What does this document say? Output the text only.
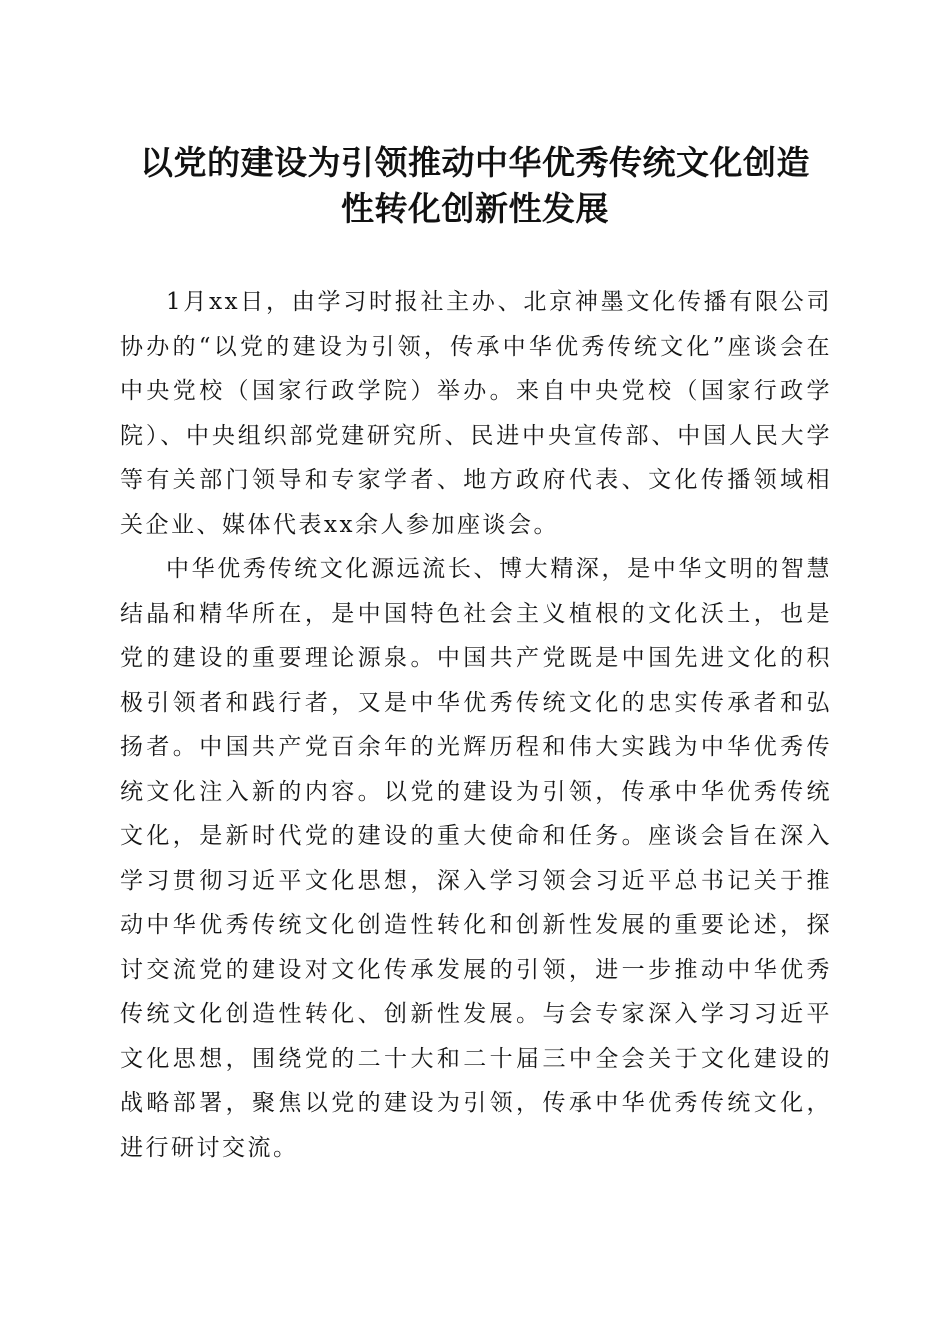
以党的建设为引领推动中华优秀传统文化创造
性转化创新性发展

1月xx日，由学习时报社主办、北京神墨文化传播有限公司协办的“以党的建设为引领，传承中华优秀传统文化”座谈会在中央党校（国家行政学院）举办。来自中央党校（国家行政学院）、中央组织部党建研究所、民进中央宣传部、中国人民大学等有关部门领导和专家学者、地方政府代表、文化传播领域相关企业、媒体代表xx余人参加座谈会。

中华优秀传统文化源远流长、博大精深，是中华文明的智慧结晶和精华所在，是中国特色社会主义植根的文化沃土，也是党的建设的重要理论源泉。中国共产党既是中国先进文化的积极引领者和践行者，又是中华优秀传统文化的忠实传承者和弘扬者。中国共产党百余年的光辉历程和伟大实践为中华优秀传统文化注入新的内容。以党的建设为引领，传承中华优秀传统文化，是新时代党的建设的重大使命和任务。座谈会旨在深入学习贯彻习近平文化思想，深入学习领会习近平总书记关于推动中华优秀传统文化创造性转化和创新性发展的重要论述，探讨交流党的建设对文化传承发展的引领，进一步推动中华优秀传统文化创造性转化、创新性发展。与会专家深入学习习近平文化思想，围绕党的二十大和二十届三中全会关于文化建设的战略部署，聚焦以党的建设为引领，传承中华优秀传统文化，进行研讨交流。
